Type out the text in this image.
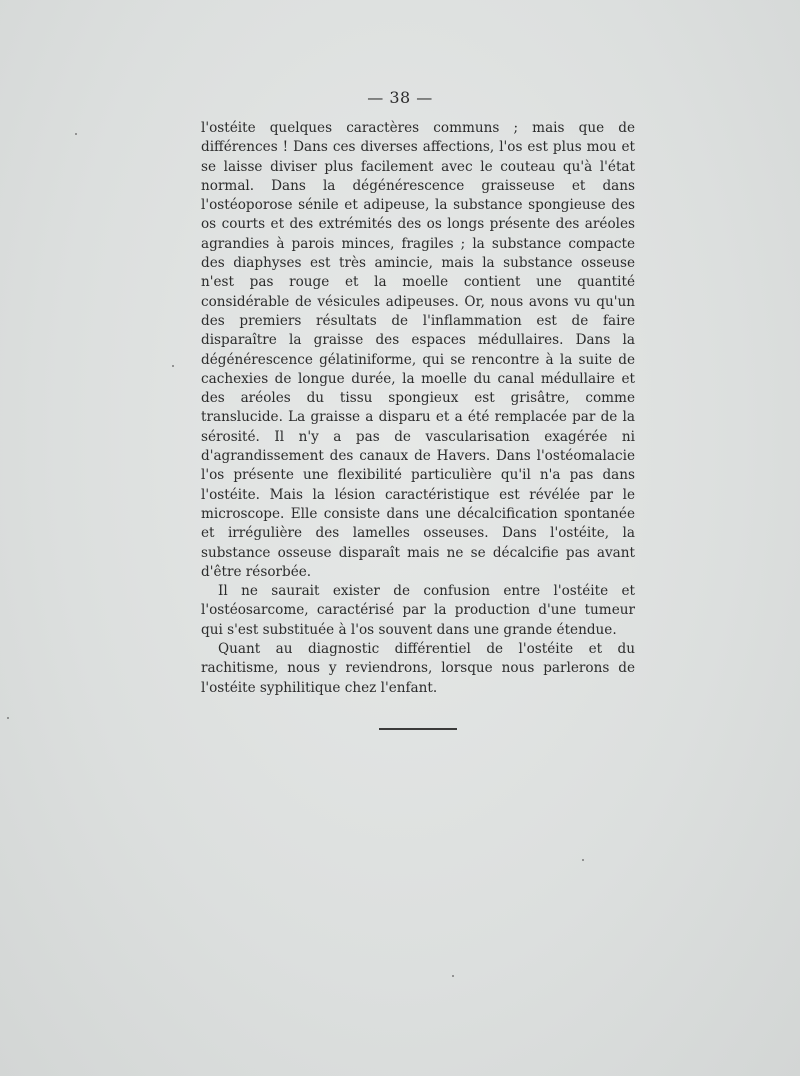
— 38 —

l'ostéite quelques caractères communs ; mais que de différences ! Dans ces diverses affections, l'os est plus mou et se laisse diviser plus facilement avec le couteau qu'à l'état normal. Dans la dégénérescence graisseuse et dans l'ostéoporose sénile et adipeuse, la substance spongieuse des os courts et des extrémités des os longs présente des aréoles agrandies à parois minces, fragiles ; la substance compacte des diaphyses est très amincie, mais la substance osseuse n'est pas rouge et la moelle contient une quantité considérable de vésicules adipeuses. Or, nous avons vu qu'un des premiers résultats de l'inflammation est de faire disparaître la graisse des espaces médullaires. Dans la dégénérescence gélatiniforme, qui se rencontre à la suite de cachexies de longue durée, la moelle du canal médullaire et des aréoles du tissu spongieux est grisâtre, comme translucide. La graisse a disparu et a été remplacée par de la sérosité. Il n'y a pas de vascularisation exagérée ni d'agrandissement des canaux de Havers. Dans l'ostéomalacie l'os présente une flexibilité particulière qu'il n'a pas dans l'ostéite. Mais la lésion caractéristique est révélée par le microscope. Elle consiste dans une décalcification spontanée et irrégulière des lamelles osseuses. Dans l'ostéite, la substance osseuse disparaît mais ne se décalcifie pas avant d'être résorbée.

Il ne saurait exister de confusion entre l'ostéite et l'ostéosarcome, caractérisé par la production d'une tumeur qui s'est substituée à l'os souvent dans une grande étendue.

Quant au diagnostic différentiel de l'ostéite et du rachitisme, nous y reviendrons, lorsque nous parlerons de l'ostéite syphilitique chez l'enfant.
